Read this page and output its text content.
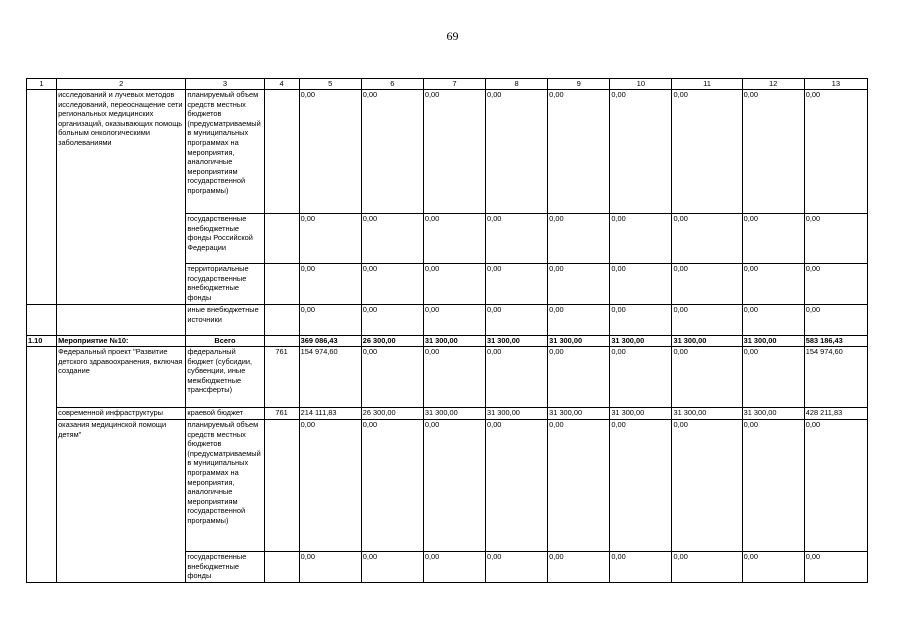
69
1	2	3	4	5	6	7	8	9	10	11	12	13
	исследований и лучевых методов исследований, переоснащение сети региональных медицинских организаций, оказывающих помощь больным онкологическими заболеваниями	планируемый объем средств местных бюджетов (предусматриваемый в муниципальных программах на мероприятия, аналогичные мероприятиям государственной программы)		0,00	0,00	0,00	0,00	0,00	0,00	0,00	0,00	0,00
		государственные внебюджетные фонды Российской Федерации		0,00	0,00	0,00	0,00	0,00	0,00	0,00	0,00	0,00
		территориальные государственные внебюджетные фонды		0,00	0,00	0,00	0,00	0,00	0,00	0,00	0,00	0,00
		иные внебюджетные источники		0,00	0,00	0,00	0,00	0,00	0,00	0,00	0,00	0,00
1.10	Мероприятие №10:	Всего		369 086,43	26 300,00	31 300,00	31 300,00	31 300,00	31 300,00	31 300,00	31 300,00	583 186,43
	Федеральный проект "Развитие детского здравоохранения, включая создание	федеральный бюджет (субсидии, субвенции, иные межбюджетные трансферты)	761	154 974,60	0,00	0,00	0,00	0,00	0,00	0,00	0,00	154 974,60
	современной инфраструктуры	краевой бюджет	761	214 111,83	26 300,00	31 300,00	31 300,00	31 300,00	31 300,00	31 300,00	31 300,00	428 211,83
	оказания медицинской помощи детям"	планируемый объем средств местных бюджетов (предусматриваемый в муниципальных программах на мероприятия, аналогичные мероприятиям государственной программы)		0,00	0,00	0,00	0,00	0,00	0,00	0,00	0,00	0,00
		государственные внебюджетные фонды		0,00	0,00	0,00	0,00	0,00	0,00	0,00	0,00	0,00
